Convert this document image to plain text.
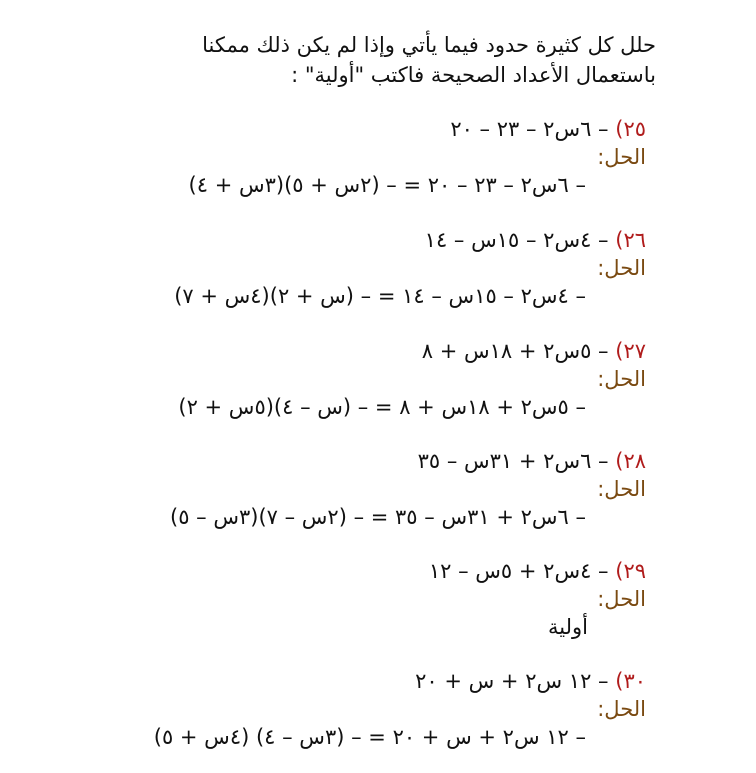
حلل كل كثيرة حدود فيما يأتي وإذا لم يكن ذلك ممكنا
باستعمال الأعداد الصحيحة فاكتب "أولية" :
٢٥) – ٦س٢ – ٢٣ – ٢٠
الحل:
– ٦س٢ – ٢٣ – ٢٠ = – (٢س + ٥)(٣س + ٤)
٢٦) – ٤س٢ – ١٥س – ١٤
الحل:
– ٤س٢ – ١٥س – ١٤ = – (س + ٢)(٤س + ٧)
٢٧) – ٥س٢ + ١٨س + ٨
الحل:
– ٥س٢ + ١٨س + ٨ = – (س – ٤)(٥س + ٢)
٢٨) – ٦س٢ + ٣١س – ٣٥
الحل:
– ٦س٢ + ٣١س – ٣٥ = – (٢س – ٧)(٣س – ٥)
٢٩) – ٤س٢ + ٥س – ١٢
الحل:
أولية
٣٠) – ١٢ س٢ + س + ٢٠
الحل:
– ١٢ س٢ + س + ٢٠ = – (٣س – ٤) (٤س + ٥)
